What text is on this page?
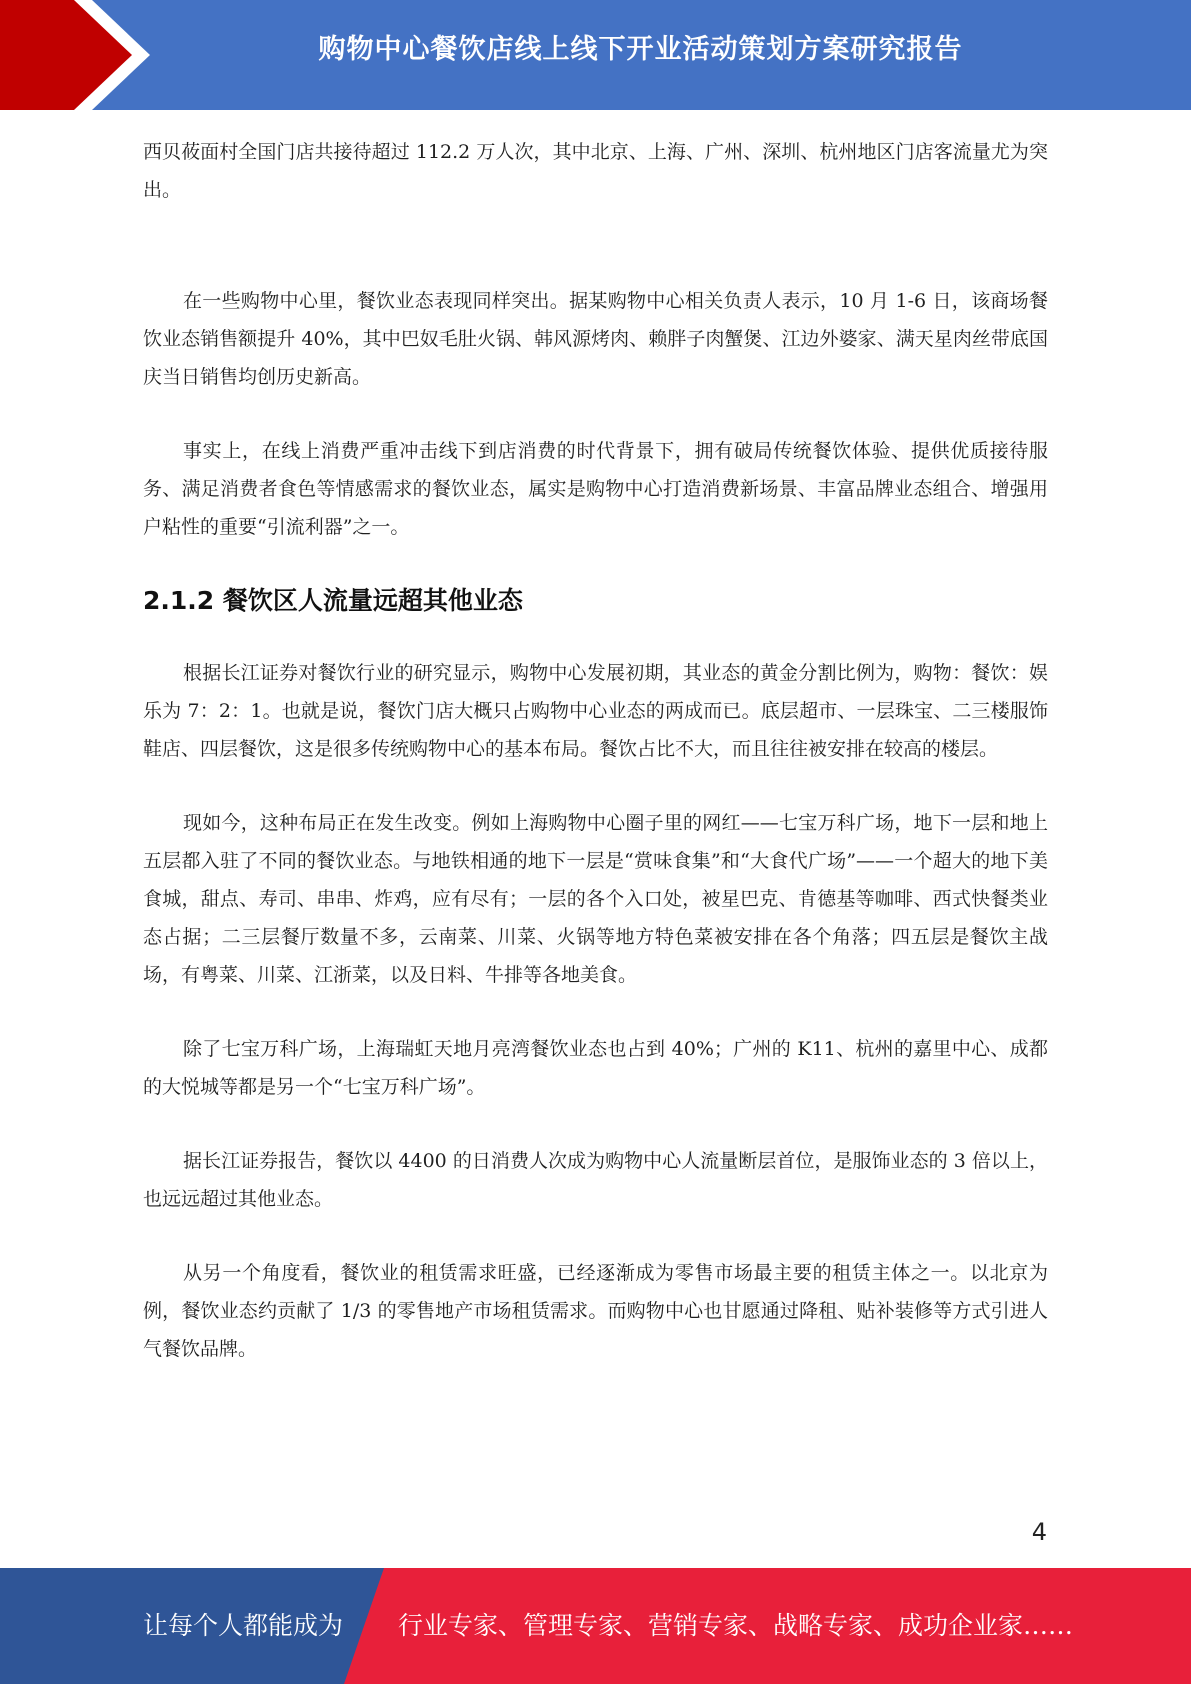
购物中心餐饮店线上线下开业活动策划方案研究报告

西贝莜面村全国门店共接待超过 112.2 万人次，其中北京、上海、广州、深圳、杭州地区门店客流量尤为突出。

在一些购物中心里，餐饮业态表现同样突出。据某购物中心相关负责人表示，10 月 1-6 日，该商场餐饮业态销售额提升 40%，其中巴奴毛肚火锅、韩风源烤肉、赖胖子肉蟹煲、江边外婆家、满天星肉丝带底国庆当日销售均创历史新高。

事实上，在线上消费严重冲击线下到店消费的时代背景下，拥有破局传统餐饮体验、提供优质接待服务、满足消费者食色等情感需求的餐饮业态，属实是购物中心打造消费新场景、丰富品牌业态组合、增强用户粘性的重要“引流利器”之一。

2.1.2 餐饮区人流量远超其他业态

根据长江证券对餐饮行业的研究显示，购物中心发展初期，其业态的黄金分割比例为，购物：餐饮：娱乐为 7：2：1。也就是说，餐饮门店大概只占购物中心业态的两成而已。底层超市、一层珠宝、二三楼服饰鞋店、四层餐饮，这是很多传统购物中心的基本布局。餐饮占比不大，而且往往被安排在较高的楼层。

现如今，这种布局正在发生改变。例如上海购物中心圈子里的网红——七宝万科广场，地下一层和地上五层都入驻了不同的餐饮业态。与地铁相通的地下一层是“赏味食集”和“大食代广场”——一个超大的地下美食城，甜点、寿司、串串、炸鸡，应有尽有；一层的各个入口处，被星巴克、肯德基等咖啡、西式快餐类业态占据；二三层餐厅数量不多，云南菜、川菜、火锅等地方特色菜被安排在各个角落；四五层是餐饮主战场，有粤菜、川菜、江浙菜，以及日料、牛排等各地美食。

除了七宝万科广场，上海瑞虹天地月亮湾餐饮业态也占到 40%；广州的 K11、杭州的嘉里中心、成都的大悦城等都是另一个“七宝万科广场”。

据长江证券报告，餐饮以 4400 的日消费人次成为购物中心人流量断层首位，是服饰业态的 3 倍以上，也远远超过其他业态。

从另一个角度看，餐饮业的租赁需求旺盛，已经逐渐成为零售市场最主要的租赁主体之一。以北京为例，餐饮业态约贡献了 1/3 的零售地产市场租赁需求。而购物中心也甘愿通过降租、贴补装修等方式引进人气餐饮品牌。

4
让每个人都能成为 行业专家、管理专家、营销专家、战略专家、成功企业家……
